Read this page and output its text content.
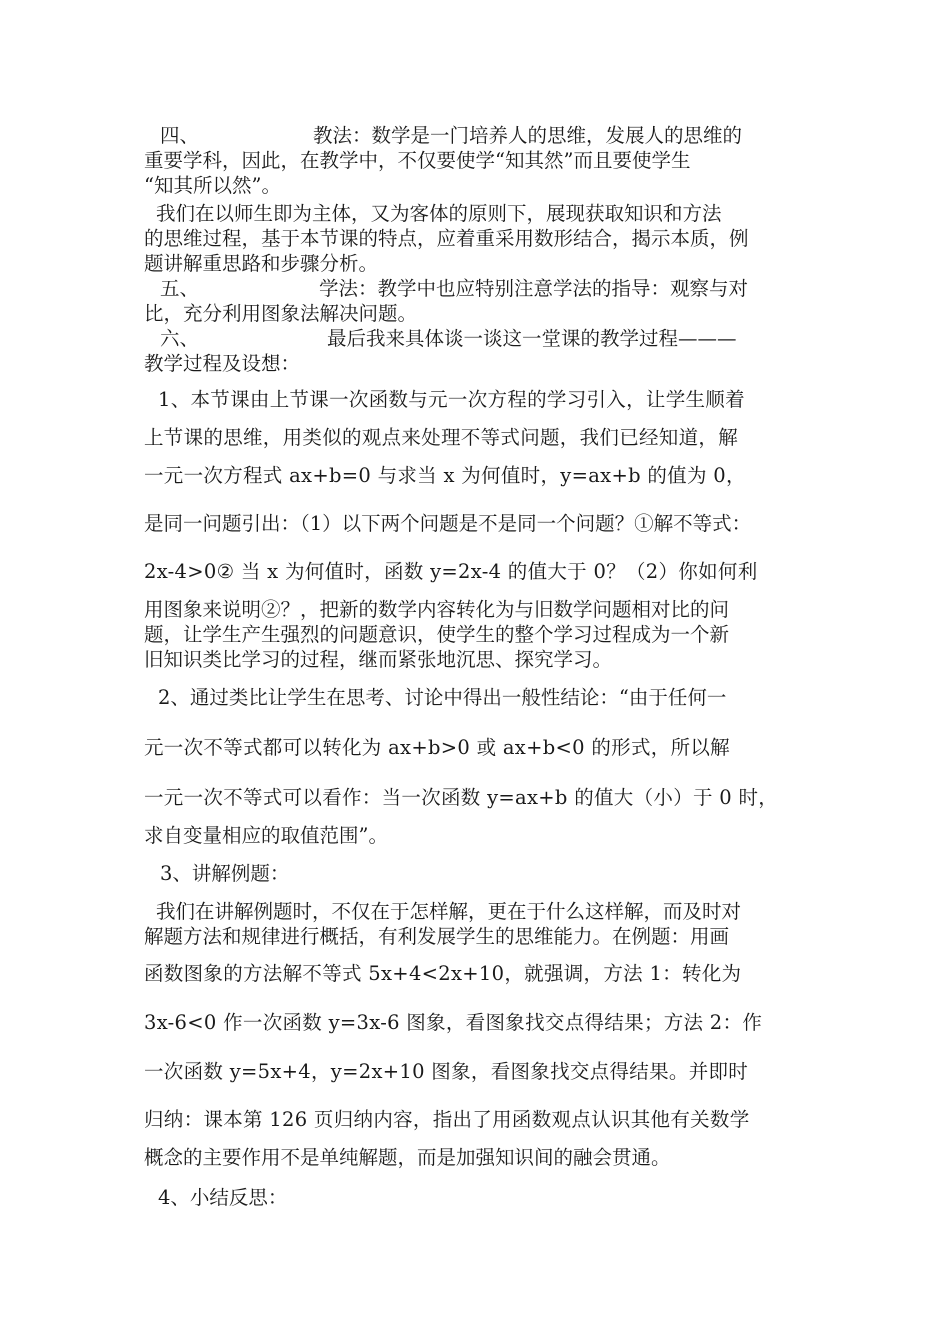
四、	教法：数学是一门培养人的思维，发展人的思维的
重要学科，因此，在教学中，不仅要使学“知其然”而且要使学生
“知其所以然”。
我们在以师生即为主体，又为客体的原则下，展现获取知识和方法
的思维过程，基于本节课的特点，应着重采用数形结合，揭示本质，例
题讲解重思路和步骤分析。
五、	学法：教学中也应特别注意学法的指导：观察与对
比，充分利用图象法解决问题。
六、	最后我来具体谈一谈这一堂课的教学过程———
教学过程及设想：
1、本节课由上节课一次函数与元一次方程的学习引入，让学生顺着
上节课的思维，用类似的观点来处理不等式问题，我们已经知道，解
一元一次方程式 ax+b=0 与求当 x 为何值时，y=ax+b 的值为 0，
是同一问题引出：（1）以下两个问题是不是同一个问题？①解不等式：
2x-4>0② 当 x 为何值时，函数 y=2x-4 的值大于 0？（2）你如何利
用图象来说明②？，把新的数学内容转化为与旧数学问题相对比的问
题，让学生产生强烈的问题意识，使学生的整个学习过程成为一个新
旧知识类比学习的过程，继而紧张地沉思、探究学习。
2、通过类比让学生在思考、讨论中得出一般性结论：“由于任何一
元一次不等式都可以转化为 ax+b>0 或 ax+b<0 的形式，所以解
一元一次不等式可以看作：当一次函数 y=ax+b 的值大（小）于 0 时，
求自变量相应的取值范围”。
3、讲解例题：
我们在讲解例题时，不仅在于怎样解，更在于什么这样解，而及时对
解题方法和规律进行概括，有利发展学生的思维能力。在例题：用画
函数图象的方法解不等式 5x+4<2x+10，就强调，方法 1：转化为
3x-6<0 作一次函数 y=3x-6 图象，看图象找交点得结果；方法 2：作
一次函数 y=5x+4，y=2x+10 图象，看图象找交点得结果。并即时
归纳：课本第 126 页归纳内容，指出了用函数观点认识其他有关数学
概念的主要作用不是单纯解题，而是加强知识间的融会贯通。
4、小结反思：
